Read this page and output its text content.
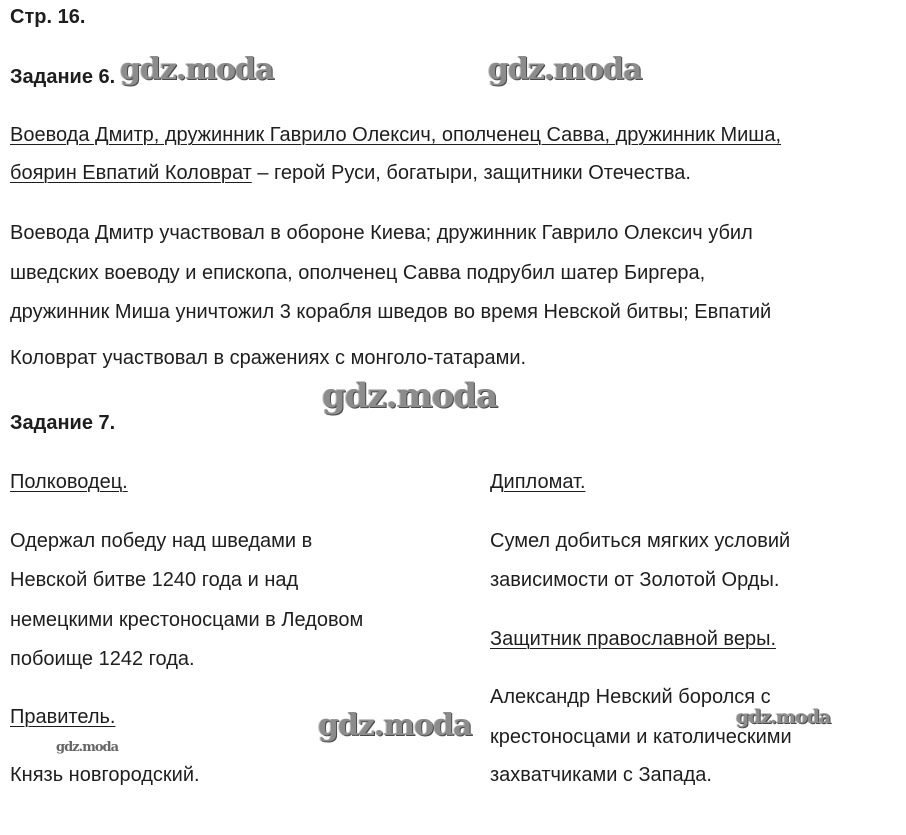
Стр. 16.
Задание 6.
Воевода Дмитр, дружинник Гаврило Олексич, ополченец Савва, дружинник Миша,
боярин Евпатий Коловрат – герой Руси, богатыри, защитники Отечества.
Воевода Дмитр участвовал в обороне Киева; дружинник Гаврило Олексич убил
шведских воеводу и епископа, ополченец Савва подрубил шатер Биргера,
дружинник Миша уничтожил 3 корабля шведов во время Невской битвы; Евпатий
Коловрат участвовал в сражениях с монголо-татарами.
Задание 7.
Полководец.
Одержал победу над шведами в
Невской битве 1240 года и над
немецкими крестоносцами в Ледовом
побоище 1242 года.
Правитель.
Князь новгородский.
Дипломат.
Сумел добиться мягких условий
зависимости от Золотой Орды.
Защитник православной веры.
Александр Невский боролся с
крестоносцами и католическими
захватчиками с Запада.
gdz.moda	gdz.moda
gdz.moda
gdz.moda	gdz.moda
gdz.moda
